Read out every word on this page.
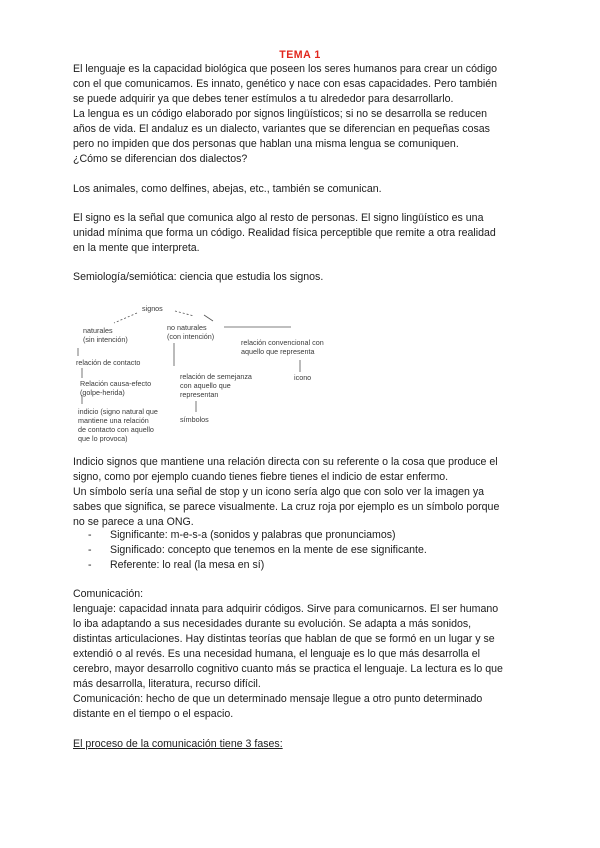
TEMA 1
El lenguaje es la capacidad biológica que poseen los seres humanos para crear un código
con el que comunicamos. Es innato, genético y nace con esas capacidades. Pero también
se puede adquirir ya que debes tener estímulos a tu alrededor para desarrollarlo.
La lengua es un código elaborado por signos lingüísticos; si no se desarrolla se reducen
años de vida. El andaluz es un dialecto, variantes que se diferencian en pequeñas cosas
pero no impiden que dos personas que hablan una misma lengua se comuniquen.
¿Cómo se diferencian dos dialectos?
Los animales, como delfines, abejas, etc., también se comunican.
El signo es la señal que comunica algo al resto de personas. El signo lingüístico es una
unidad mínima que forma un código. Realidad física perceptible que remite a otra realidad
en la mente que interpreta.
Semiología/semiótica: ciencia que estudia los signos.
signos
naturales
(sin intención)
no naturales
(con intención)
relación de contacto
Relación causa-efecto
(golpe-herida)
indicio (signo natural que
mantiene una relación
de contacto con aquello
que lo provoca)
relación de semejanza
con aquello que
representan
símbolos
relación convencional con
aquello que representa
icono
Indicio signos que mantiene una relación directa con su referente o la cosa que produce el
signo, como por ejemplo cuando tienes fiebre tienes el indicio de estar enfermo.
Un símbolo sería una señal de stop y un icono sería algo que con solo ver la imagen ya
sabes que significa, se parece visualmente. La cruz roja por ejemplo es un símbolo porque
no se parece a una ONG.
- Significante: m-e-s-a (sonidos y palabras que pronunciamos)
- Significado: concepto que tenemos en la mente de ese significante.
- Referente: lo real (la mesa en sí)
Comunicación:
lenguaje: capacidad innata para adquirir códigos. Sirve para comunicarnos. El ser humano
lo iba adaptando a sus necesidades durante su evolución. Se adapta a más sonidos,
distintas articulaciones. Hay distintas teorías que hablan de que se formó en un lugar y se
extendió o al revés. Es una necesidad humana, el lenguaje es lo que más desarrolla el
cerebro, mayor desarrollo cognitivo cuanto más se practica el lenguaje. La lectura es lo que
más desarrolla, literatura, recurso difícil.
Comunicación: hecho de que un determinado mensaje llegue a otro punto determinado
distante en el tiempo o el espacio.
El proceso de la comunicación tiene 3 fases:
